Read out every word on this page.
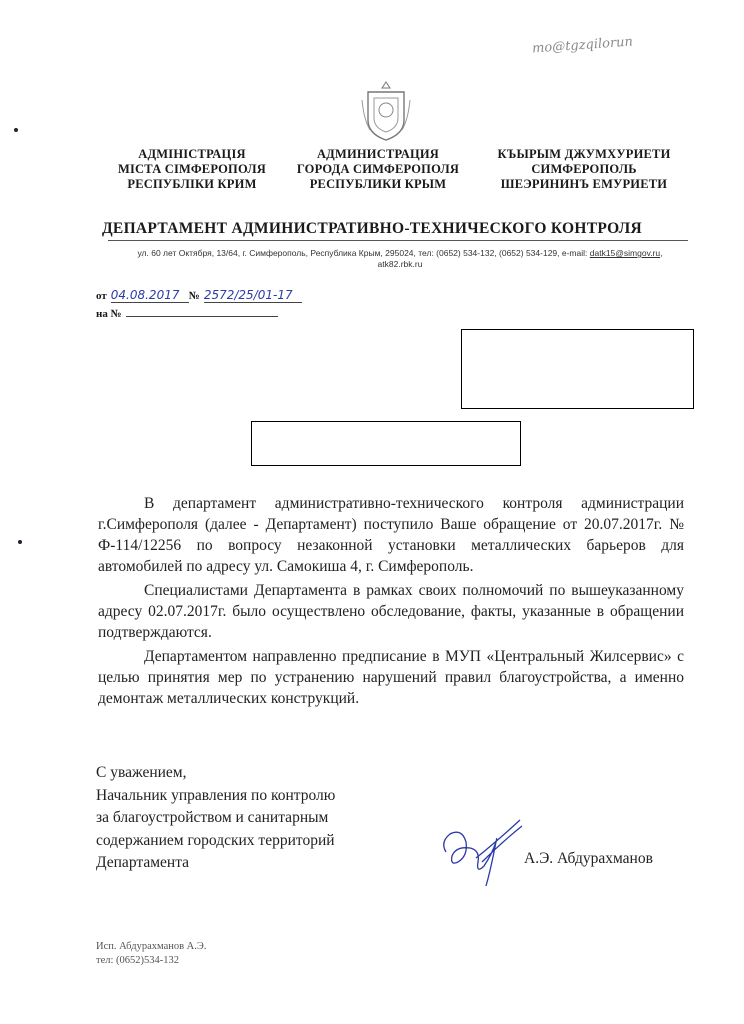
mо@tgzqilоrun
АДМІНІСТРАЦІЯ
МІСТА СІМФЕРОПОЛЯ
РЕСПУБЛІКИ КРИМ
АДМИНИСТРАЦИЯ
ГОРОДА СИМФЕРОПОЛЯ
РЕСПУБЛИКИ КРЫМ
КЪЫРЫМ ДЖУМХУРИЕТИ
СИМФЕРОПОЛЬ
ШЕЭРИНИНЪ ЕМУРИЕТИ
ДЕПАРТАМЕНТ АДМИНИСТРАТИВНО-ТЕХНИЧЕСКОГО КОНТРОЛЯ
ул. 60 лет Октября, 13/64, г. Симферополь, Республика Крым, 295024, тел: (0652) 534-132, (0652) 534-129, e-mail: datk15@simgov.ru,
atk82.rbk.ru
от 04.08.2017 № 2572/25/01-17
на №

В департамент административно-технического контроля администрации г.Симферополя (далее - Департамент) поступило Ваше обращение от 20.07.2017г. № Ф-114/12256 по вопросу незаконной установки металлических барьеров для автомобилей по адресу ул. Самокиша 4, г. Симферополь.

Специалистами Департамента в рамках своих полномочий по вышеуказанному адресу 02.07.2017г. было осуществлено обследование, факты, указанные в обращении подтверждаются.

Департаментом направленно предписание в МУП «Центральный Жилсервис» с целью принятия мер по устранению нарушений правил благоустройства, а именно демонтаж металлических конструкций.

С уважением,
Начальник управления по контролю
за благоустройством и санитарным
содержанием городских территорий
Департамента	А.Э. Абдурахманов
Исп. Абдурахманов А.Э.
тел: (0652)534-132
